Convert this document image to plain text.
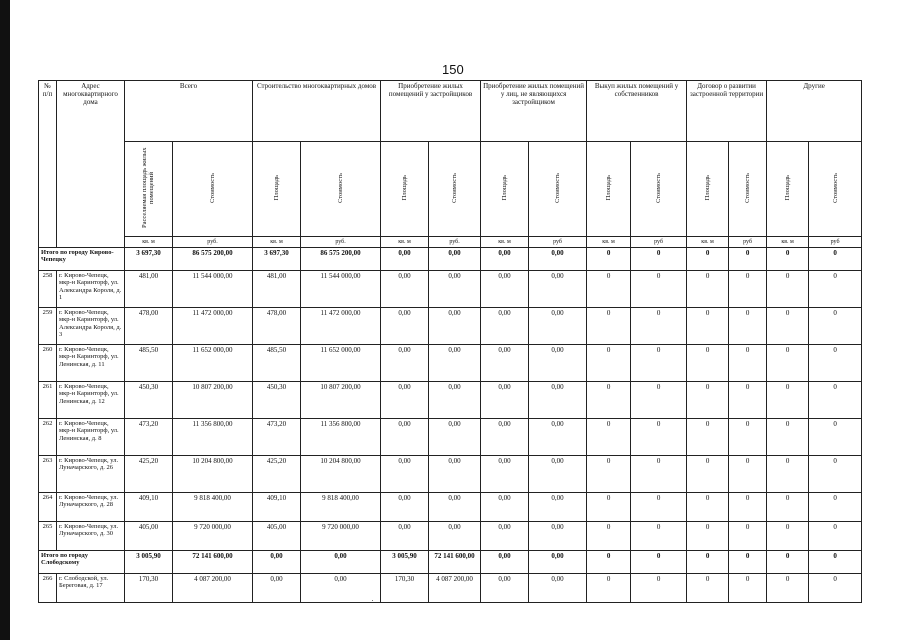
150
№ п/п	Адрес многоквартирного дома	Всего		Строительство многоквартирных домов		Приобретение жилых помещений у застройщиков		Приобретение жилых помещений у лиц, не являющихся застройщиком		Выкуп жилых помещений у собственников		Договор о развитии застроенной территории		Другие	
		Расселяемая площадь жилых помещений	Стоимость	Площадь	Стоимость	Площадь	Стоимость	Площадь	Стоимость	Площадь	Стоимость	Площадь	Стоимость	Площадь	Стоимость
		кв. м	руб.	кв. м	руб.	кв. м	руб.	кв. м	руб	кв. м	руб	кв. м	руб	кв. м	руб
Итого по городу Кирово-Чепецку		3 697,30	86 575 200,00	3 697,30	86 575 200,00	0,00	0,00	0,00	0,00	0	0	0	0	0	0
258	г. Кирово-Чепецк, мкр-н Каринторф, ул. Александра Короля, д. 1	481,00	11 544 000,00	481,00	11 544 000,00	0,00	0,00	0,00	0,00	0	0	0	0	0	0
259	г. Кирово-Чепецк, мкр-н Каринторф, ул. Александра Короля, д. 3	478,00	11 472 000,00	478,00	11 472 000,00	0,00	0,00	0,00	0,00	0	0	0	0	0	0
260	г. Кирово-Чепецк, мкр-н Каринторф, ул. Ленинская, д. 11	485,50	11 652 000,00	485,50	11 652 000,00	0,00	0,00	0,00	0,00	0	0	0	0	0	0
261	г. Кирово-Чепецк, мкр-н Каринторф, ул. Ленинская, д. 12	450,30	10 807 200,00	450,30	10 807 200,00	0,00	0,00	0,00	0,00	0	0	0	0	0	0
262	г. Кирово-Чепецк, мкр-н Каринторф, ул. Ленинская, д. 8	473,20	11 356 800,00	473,20	11 356 800,00	0,00	0,00	0,00	0,00	0	0	0	0	0	0
263	г. Кирово-Чепецк, ул. Луначарского, д. 26	425,20	10 204 800,00	425,20	10 204 800,00	0,00	0,00	0,00	0,00	0	0	0	0	0	0
264	г. Кирово-Чепецк, ул. Луначарского, д. 28	409,10	9 818 400,00	409,10	9 818 400,00	0,00	0,00	0,00	0,00	0	0	0	0	0	0
265	г. Кирово-Чепецк, ул. Луначарского, д. 30	405,00	9 720 000,00	405,00	9 720 000,00	0,00	0,00	0,00	0,00	0	0	0	0	0	0
Итого по городу Слободскому		3 005,90	72 141 600,00	0,00	0,00	3 005,90	72 141 600,00	0,00	0,00	0	0	0	0	0	0
266	г. Слободской, ул. Береговая, д. 17	170,30	4 087 200,00	0,00	0,00	170,30	4 087 200,00	0,00	0,00	0	0	0	0	0	0
